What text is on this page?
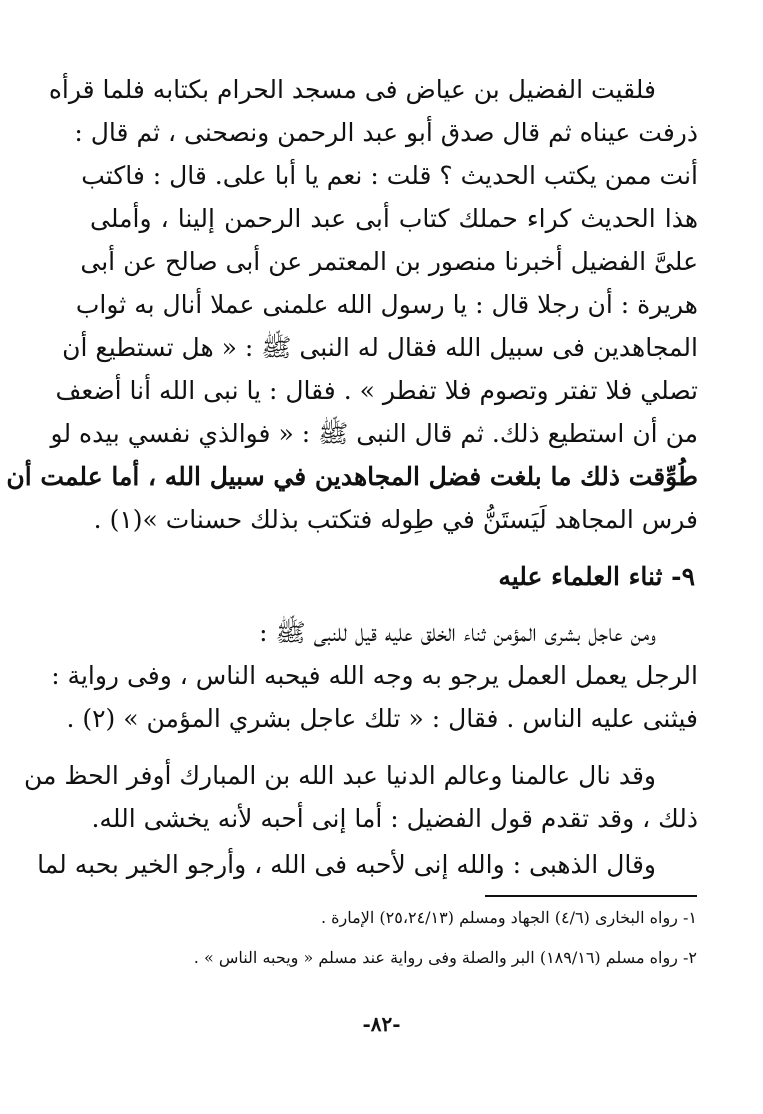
فلقيت الفضيل بن عياض فى مسجد الحرام بكتابه فلما قرأه
ذرفت عيناه ثم قال صدق أبو عبد الرحمن ونصحنى ، ثم قال :
أنت ممن يكتب الحديث ؟ قلت : نعم يا أبا على. قال : فاكتب
هذا الحديث كراء حملك كتاب أبى عبد الرحمن إلينا ، وأملى
علىَّ الفضيل أخبرنا منصور بن المعتمر عن أبى صالح عن أبى
هريرة : أن رجلا قال : يا رسول الله علمنى عملا أنال به ثواب
المجاهدين فى سبيل الله فقال له النبى ﷺ : « هل تستطيع أن
تصلي فلا تفتر وتصوم فلا تفطر » . فقال : يا نبى الله أنا أضعف
من أن استطيع ذلك. ثم قال النبى ﷺ : « فوالذي نفسي بيده لو
طُوِّقت ذلك ما بلغت فضل المجاهدين في سبيل الله ، أما علمت أن
فرس المجاهد لَيَستَنُّ في طِوله فتكتب بذلك حسنات »(١) .
٩- ثناء العلماء عليه
ومن عاجل بشرى المؤمن ثناء الخلق عليه قيل للنبى ﷺ :
الرجل يعمل العمل يرجو به وجه الله فيحبه الناس ، وفى رواية :
فيثنى عليه الناس . فقال : « تلك عاجل بشري المؤمن » (٢) .
وقد نال عالمنا وعالم الدنيا عبد الله بن المبارك أوفر الحظ من
ذلك ، وقد تقدم قول الفضيل : أما إنى أحبه لأنه يخشى الله.
وقال الذهبى : والله إنى لأحبه فى الله ، وأرجو الخير بحبه لما
١- رواه البخارى (٤/٦) الجهاد ومسلم (٢٥،٢٤/١٣) الإمارة .
٢- رواه مسلم (١٨٩/١٦) البر والصلة وفى رواية عند مسلم « ويحبه الناس » .
-٨٢-
